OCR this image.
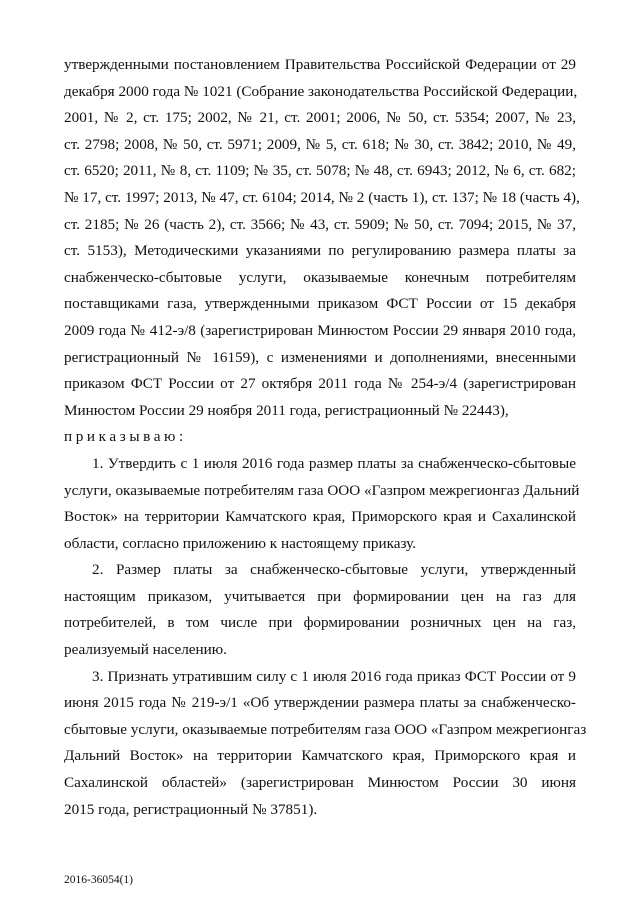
утвержденными постановлением Правительства Российской Федерации от 29
декабря 2000 года № 1021 (Собрание законодательства Российской Федерации,
2001, № 2, ст. 175; 2002, № 21, ст. 2001; 2006, № 50, ст. 5354; 2007, № 23,
ст. 2798; 2008, № 50, ст. 5971; 2009, № 5, ст. 618; № 30, ст. 3842; 2010, № 49,
ст. 6520; 2011, № 8, ст. 1109; № 35, ст. 5078; № 48, ст. 6943; 2012, № 6, ст. 682;
№ 17, ст. 1997; 2013, № 47, ст. 6104; 2014, № 2 (часть 1), ст. 137; № 18 (часть 4),
ст. 2185; № 26 (часть 2), ст. 3566; № 43, ст. 5909; № 50, ст. 7094; 2015, № 37,
ст. 5153), Методическими указаниями по регулированию размера платы за
снабженческо-сбытовые услуги, оказываемые конечным потребителям
поставщиками газа, утвержденными приказом ФСТ России от 15 декабря
2009 года № 412-э/8 (зарегистрирован Минюстом России 29 января 2010 года,
регистрационный № 16159), с изменениями и дополнениями, внесенными
приказом ФСТ России от 27 октября 2011 года № 254-э/4 (зарегистрирован
Минюстом России 29 ноября 2011 года, регистрационный № 22443),
приказываю:
1. Утвердить с 1 июля 2016 года размер платы за снабженческо-сбытовые
услуги, оказываемые потребителям газа ООО «Газпром межрегионгаз Дальний
Восток» на территории Камчатского края, Приморского края и Сахалинской
области, согласно приложению к настоящему приказу.
2. Размер платы за снабженческо-сбытовые услуги, утвержденный
настоящим приказом, учитывается при формировании цен на газ для
потребителей, в том числе при формировании розничных цен на газ,
реализуемый населению.
3. Признать утратившим силу с 1 июля 2016 года приказ ФСТ России от 9
июня 2015 года № 219-э/1 «Об утверждении размера платы за снабженческо-
сбытовые услуги, оказываемые потребителям газа ООО «Газпром межрегионгаз
Дальний Восток» на территории Камчатского края, Приморского края и
Сахалинской областей» (зарегистрирован Минюстом России 30 июня
2015 года, регистрационный № 37851).
2016-36054(1)
